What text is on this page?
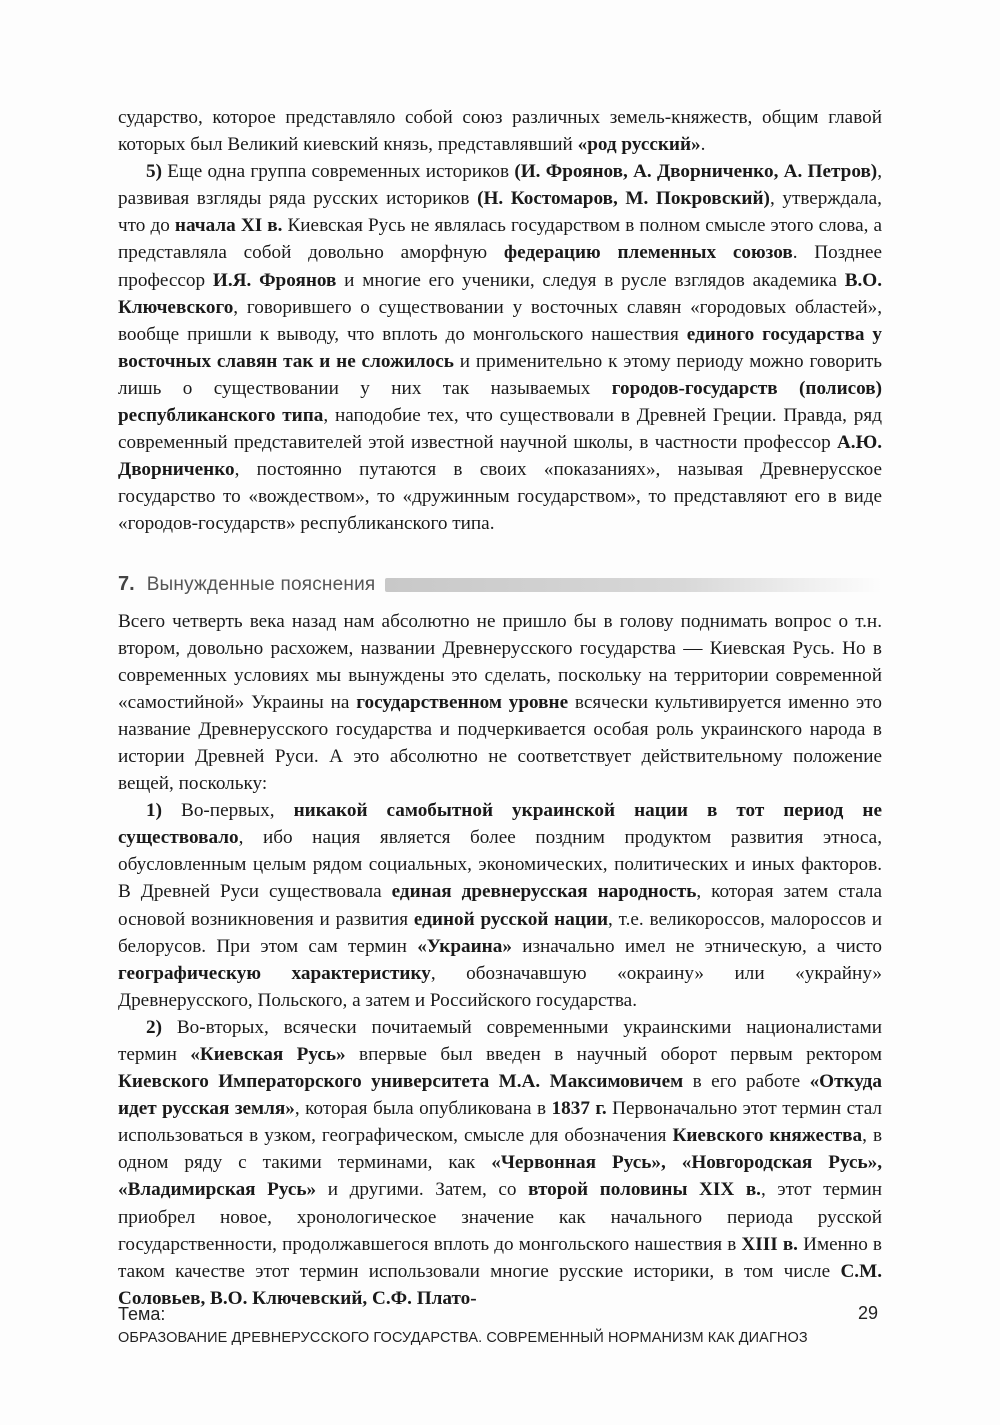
сударство, которое представляло собой союз различных земель-княжеств, общим главой которых был Великий киевский князь, представлявший «род русский».

5) Еще одна группа современных историков (И. Фроянов, А. Дворниченко, А. Петров), развивая взгляды ряда русских историков (Н. Костомаров, М. Покровский), утверждала, что до начала XI в. Киевская Русь не являлась государством в полном смысле этого слова, а представляла собой довольно аморфную федерацию племенных союзов. Позднее профессор И.Я. Фроянов и многие его ученики, следуя в русле взглядов академика В.О. Ключевского, говорившего о существовании у восточных славян «городовых областей», вообще пришли к выводу, что вплоть до монгольского нашествия единого государства у восточных славян так и не сложилось и применительно к этому периоду можно говорить лишь о существовании у них так называемых городов-государств (полисов) республиканского типа, наподобие тех, что существовали в Древней Греции. Правда, ряд современный представителей этой известной научной школы, в частности профессор А.Ю. Дворниченко, постоянно путаются в своих «показаниях», называя Древнерусское государство то «вождеством», то «дружинным государством», то представляют его в виде «городов-государств» республиканского типа.

7. Вынужденные пояснения

Всего четверть века назад нам абсолютно не пришло бы в голову поднимать вопрос о т.н. втором, довольно расхожем, названии Древнерусского государства — Киевская Русь. Но в современных условиях мы вынуждены это сделать, поскольку на территории современной «самостийной» Украины на государственном уровне всячески культивируется именно это название Древнерусского государства и подчеркивается особая роль украинского народа в истории Древней Руси. А это абсолютно не соответствует действительному положение вещей, поскольку:

1) Во-первых, никакой самобытной украинской нации в тот период не существовало, ибо нация является более поздним продуктом развития этноса, обусловленным целым рядом социальных, экономических, политических и иных факторов. В Древней Руси существовала единая древнерусская народность, которая затем стала основой возникновения и развития единой русской нации, т.е. великороссов, малороссов и белорусов. При этом сам термин «Украина» изначально имел не этническую, а чисто географическую характеристику, обозначавшую «окраину» или «украйну» Древнерусского, Польского, а затем и Российского государства.

2) Во-вторых, всячески почитаемый современными украинскими националистами термин «Киевская Русь» впервые был введен в научный оборот первым ректором Киевского Императорского университета М.А. Максимовичем в его работе «Откуда идет русская земля», которая была опубликована в 1837 г. Первоначально этот термин стал использоваться в узком, географическом, смысле для обозначения Киевского княжества, в одном ряду с такими терминами, как «Червонная Русь», «Новгородская Русь», «Владимирская Русь» и другими. Затем, со второй половины XIX в., этот термин приобрел новое, хронологическое значение как начального периода русской государственности, продолжавшегося вплоть до монгольского нашествия в XIII в. Именно в таком качестве этот термин использовали многие русские историки, в том числе С.М. Соловьев, В.О. Ключевский, С.Ф. Плато-

Тема:
ОБРАЗОВАНИЕ ДРЕВНЕРУССКОГО ГОСУДАРСТВА. СОВРЕМЕННЫЙ НОРМАНИЗМ КАК ДИАГНОЗ
29
